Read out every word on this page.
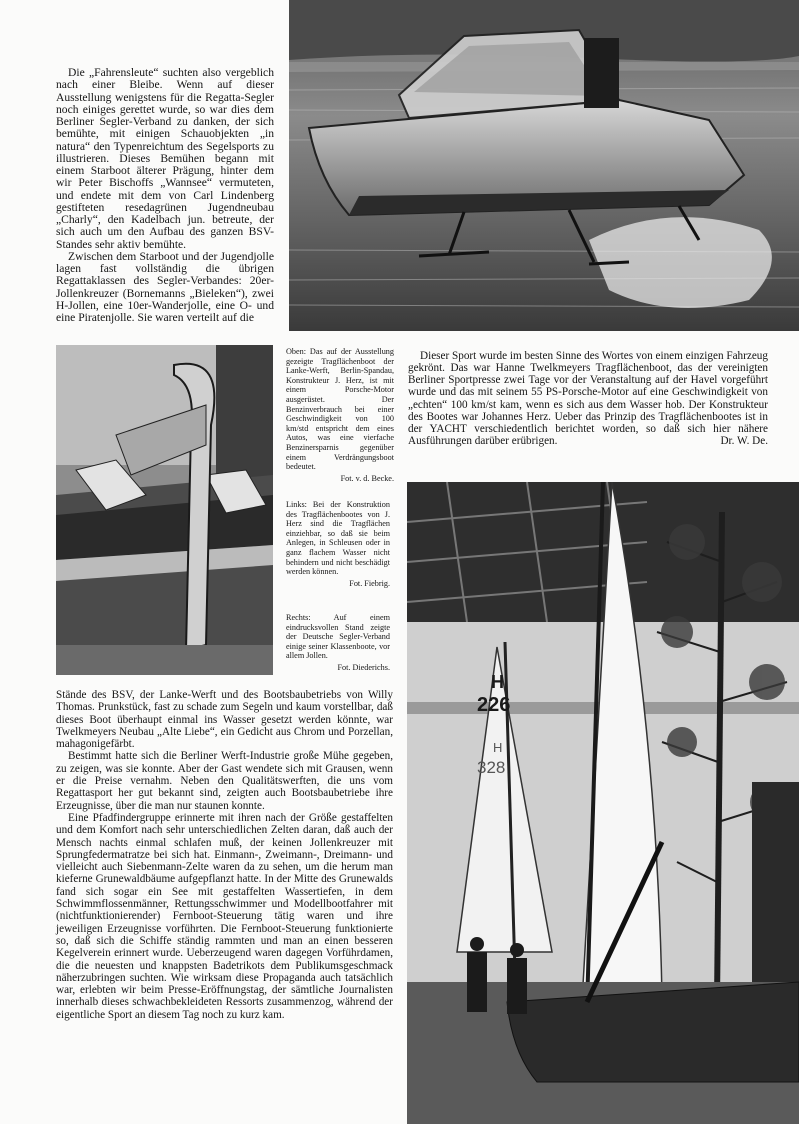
Die „Fahrensleute“ suchten also vergeblich nach einer Bleibe. Wenn auf dieser Ausstellung wenigstens für die Regatta-Segler noch einiges gerettet wurde, so war dies dem Berliner Segler-Verband zu danken, der sich bemühte, mit einigen Schauobjekten „in natura“ den Typenreichtum des Segelsports zu illustrieren. Dieses Bemühen begann mit einem Starboot älterer Prägung, hinter dem wir Peter Bischoffs „Wannsee“ vermuteten, und endete mit dem von Carl Lindenberg gestifteten resedagrünen Jugendneubau „Charly“, den Kadelbach jun. betreute, der sich auch um den Aufbau des ganzen BSV-Standes sehr aktiv bemühte.

Zwischen dem Starboot und der Jugendjolle lagen fast vollständig die übrigen Regattaklassen des Segler-Verbandes: 20er-Jollenkreuzer (Bornemanns „Bieleken“), zwei H-Jollen, eine 10er-Wanderjolle, eine O- und eine Piratenjolle. Sie waren verteilt auf die

Oben: Das auf der Ausstellung gezeigte Tragflächenboot der Lanke-Werft, Berlin-Spandau, Konstrukteur J. Herz, ist mit einem Porsche-Motor ausgerüstet. Der Benzinverbrauch bei einer Geschwindigkeit von 100 km/std entspricht dem eines Autos, was eine vierfache Benzinersparnis gegenüber einem Verdrängungsboot bedeutet.
Fot. v. d. Becke.
Links: Bei der Konstruktion des Tragflächenbootes von J. Herz sind die Tragflächen einziehbar, so daß sie beim Anlegen, in Schleusen oder in ganz flachem Wasser nicht behindern und nicht beschädigt werden können.
Fot. Fiebrig.
Rechts: Auf einem eindrucksvollen Stand zeigte der Deutsche Segler-Verband einige seiner Klassenboote, vor allem Jollen.
Fot. Diederichs.

Dieser Sport wurde im besten Sinne des Wortes von einem einzigen Fahrzeug gekrönt. Das war Hanne Twelkmeyers Tragflächenboot, das der vereinigten Berliner Sportpresse zwei Tage vor der Veranstaltung auf der Havel vorgeführt wurde und das mit seinem 55 PS-Porsche-Motor auf eine Geschwindigkeit von „echten“ 100 km/st kam, wenn es sich aus dem Wasser hob. Der Konstrukteur des Bootes war Johannes Herz. Ueber das Prinzip des Tragflächenbootes ist in der YACHT verschiedentlich berichtet worden, so daß sich hier nähere Ausführungen darüber erübrigen.	Dr. W. De.

H
226
H
328

Stände des BSV, der Lanke-Werft und des Bootsbaubetriebs von Willy Thomas. Prunkstück, fast zu schade zum Segeln und kaum vorstellbar, daß dieses Boot überhaupt einmal ins Wasser gesetzt werden könnte, war Twelkmeyers Neubau „Alte Liebe“, ein Gedicht aus Chrom und Porzellan, mahagonigefärbt.

Bestimmt hatte sich die Berliner Werft-Industrie große Mühe gegeben, zu zeigen, was sie konnte. Aber der Gast wendete sich mit Grausen, wenn er die Preise vernahm. Neben den Qualitätswerften, die uns vom Regattasport her gut bekannt sind, zeigten auch Bootsbaubetriebe ihre Erzeugnisse, über die man nur staunen konnte.

Eine Pfadfindergruppe erinnerte mit ihren nach der Größe gestaffelten und dem Komfort nach sehr unterschiedlichen Zelten daran, daß auch der Mensch nachts einmal schlafen muß, der keinen Jollenkreuzer mit Sprungfedermatratze bei sich hat. Einmann-, Zweimann-, Dreimann- und vielleicht auch Siebenmann-Zelte waren da zu sehen, um die herum man kieferne Grunewaldbäume aufgepflanzt hatte. In der Mitte des Grunewalds fand sich sogar ein See mit gestaffelten Wassertiefen, in dem Schwimmflossenmänner, Rettungsschwimmer und Modellbootfahrer mit (nichtfunktionierender) Fernboot-Steuerung tätig waren und ihre jeweiligen Erzeugnisse vorführten. Die Fernboot-Steuerung funktionierte so, daß sich die Schiffe ständig rammten und man an einen besseren Kegelverein erinnert wurde. Ueberzeugend waren dagegen Vorführdamen, die die neuesten und knappsten Badetrikots dem Publikumsgeschmack näherzubringen suchten. Wie wirksam diese Propaganda auch tatsächlich war, erlebten wir beim Presse-Eröffnungstag, der sämtliche Journalisten innerhalb dieses schwachbekleideten Ressorts zusammenzog, während der eigentliche Sport an diesem Tag noch zu kurz kam.
